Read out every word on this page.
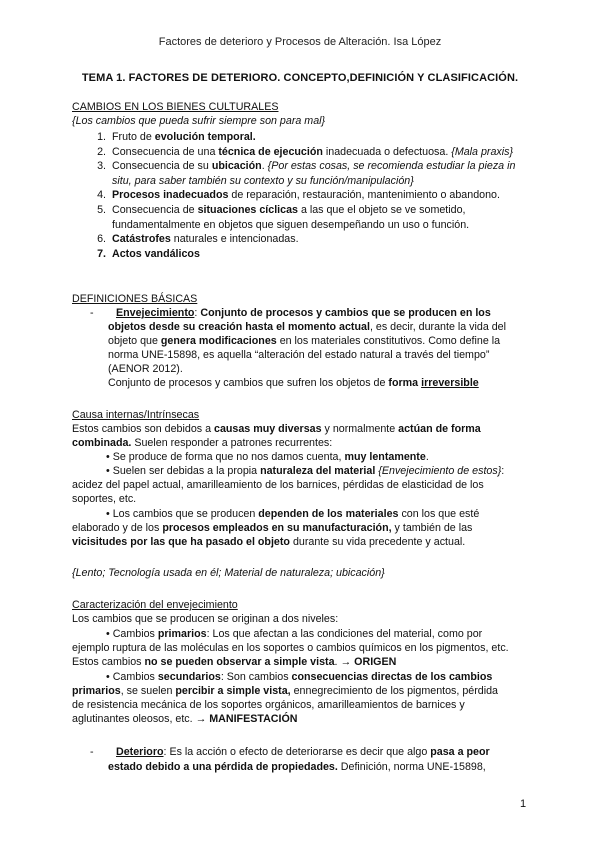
Factores de deterioro y Procesos de Alteración. Isa López
TEMA 1. FACTORES DE DETERIORO. CONCEPTO,DEFINICIÓN Y CLASIFICACIÓN.
CAMBIOS EN LOS BIENES CULTURALES
{Los cambios que pueda sufrir siempre son para mal}
1. Fruto de evolución temporal.
2. Consecuencia de una técnica de ejecución inadecuada o defectuosa. {Mala praxis}
3. Consecuencia de su ubicación. {Por estas cosas, se recomienda estudiar la pieza in
situ, para saber también su contexto y su función/manipulación}
4. Procesos inadecuados de reparación, restauración, mantenimiento o abandono.
5. Consecuencia de situaciones cíclicas a las que el objeto se ve sometido,
fundamentalmente en objetos que siguen desempeñando un uso o función.
6. Catástrofes naturales e intencionadas.
7. Actos vandálicos
DEFINICIONES BÁSICAS
- Envejecimiento: Conjunto de procesos y cambios que se producen en los
objetos desde su creación hasta el momento actual, es decir, durante la vida del
objeto que genera modificaciones en los materiales constitutivos. Como define la
norma UNE-15898, es aquella “alteración del estado natural a través del tiempo”
(AENOR 2012).
Conjunto de procesos y cambios que sufren los objetos de forma irreversible
Causa internas/Intrínsecas
Estos cambios son debidos a causas muy diversas y normalmente actúan de forma
combinada. Suelen responder a patrones recurrentes:
• Se produce de forma que no nos damos cuenta, muy lentamente.
• Suelen ser debidas a la propia naturaleza del material {Envejecimiento de estos}:
acidez del papel actual, amarilleamiento de los barnices, pérdidas de elasticidad de los
soportes, etc.
• Los cambios que se producen dependen de los materiales con los que esté
elaborado y de los procesos empleados en su manufacturación, y también de las
vicisitudes por las que ha pasado el objeto durante su vida precedente y actual.
{Lento; Tecnología usada en él; Material de naturaleza; ubicación}
Caracterización del envejecimiento
Los cambios que se producen se originan a dos niveles:
• Cambios primarios: Los que afectan a las condiciones del material, como por
ejemplo ruptura de las moléculas en los soportes o cambios químicos en los pigmentos, etc.
Estos cambios no se pueden observar a simple vista. → ORIGEN
• Cambios secundarios: Son cambios consecuencias directas de los cambios
primarios, se suelen percibir a simple vista, ennegrecimiento de los pigmentos, pérdida
de resistencia mecánica de los soportes orgánicos, amarilleamientos de barnices y
aglutinantes oleosos, etc. → MANIFESTACIÓN
- Deterioro: Es la acción o efecto de deteriorarse es decir que algo pasa a peor
estado debido a una pérdida de propiedades. Definición, norma UNE-15898,
1
